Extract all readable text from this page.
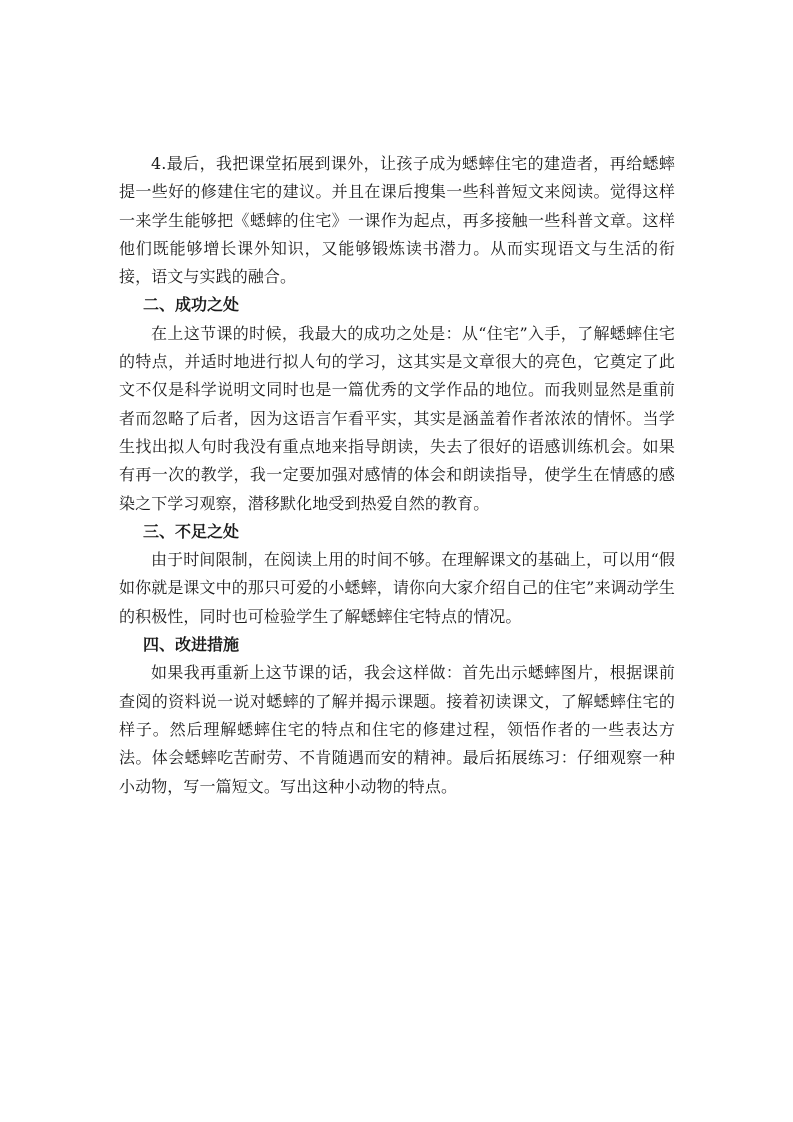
4.最后，我把课堂拓展到课外，让孩子成为蟋蟀住宅的建造者，再给蟋蟀提一些好的修建住宅的建议。并且在课后搜集一些科普短文来阅读。觉得这样一来学生能够把《蟋蟀的住宅》一课作为起点，再多接触一些科普文章。这样他们既能够增长课外知识，又能够锻炼读书潜力。从而实现语文与生活的衔接，语文与实践的融合。

二、成功之处

在上这节课的时候，我最大的成功之处是：从“住宅”入手，了解蟋蟀住宅的特点，并适时地进行拟人句的学习，这其实是文章很大的亮色，它奠定了此文不仅是科学说明文同时也是一篇优秀的文学作品的地位。而我则显然是重前者而忽略了后者，因为这语言乍看平实，其实是涵盖着作者浓浓的情怀。当学生找出拟人句时我没有重点地来指导朗读，失去了很好的语感训练机会。如果有再一次的教学，我一定要加强对感情的体会和朗读指导，使学生在情感的感染之下学习观察，潜移默化地受到热爱自然的教育。

三、不足之处

由于时间限制，在阅读上用的时间不够。在理解课文的基础上，可以用“假如你就是课文中的那只可爱的小蟋蟀，请你向大家介绍自己的住宅”来调动学生的积极性，同时也可检验学生了解蟋蟀住宅特点的情况。

四、改进措施

如果我再重新上这节课的话，我会这样做：首先出示蟋蟀图片，根据课前查阅的资料说一说对蟋蟀的了解并揭示课题。接着初读课文，了解蟋蟀住宅的样子。然后理解蟋蟀住宅的特点和住宅的修建过程，领悟作者的一些表达方法。体会蟋蟀吃苦耐劳、不肯随遇而安的精神。最后拓展练习：仔细观察一种小动物，写一篇短文。写出这种小动物的特点。
